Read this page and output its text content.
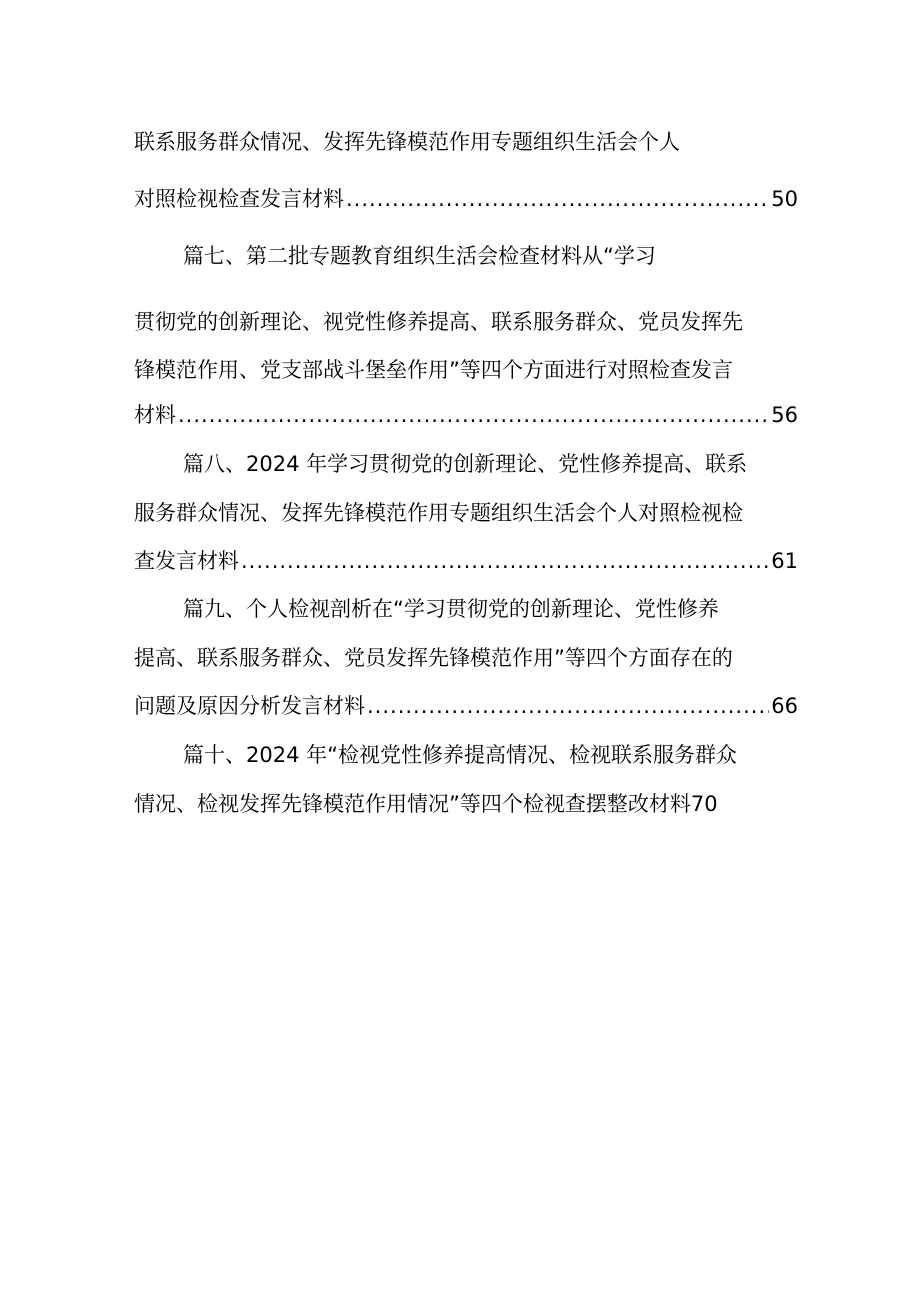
联系服务群众情况、发挥先锋模范作用专题组织生活会个人
对照检视检查发言材料 .....	50
篇七、第二批专题教育组织生活会检查材料从“学习
贯彻党的创新理论、视党性修养提高、联系服务群众、党员发挥先
锋模范作用、党支部战斗堡垒作用”等四个方面进行对照检查发言
材料 .....	56
篇八、2024 年学习贯彻党的创新理论、党性修养提高、联系
服务群众情况、发挥先锋模范作用专题组织生活会个人对照检视检
查发言材料 .....	61
篇九、个人检视剖析在“学习贯彻党的创新理论、党性修养
提高、联系服务群众、党员发挥先锋模范作用”等四个方面存在的
问题及原因分析发言材料 .....	66
篇十、2024 年“检视党性修养提高情况、检视联系服务群众
情况、检视发挥先锋模范作用情况”等四个检视查摆整改材料70
